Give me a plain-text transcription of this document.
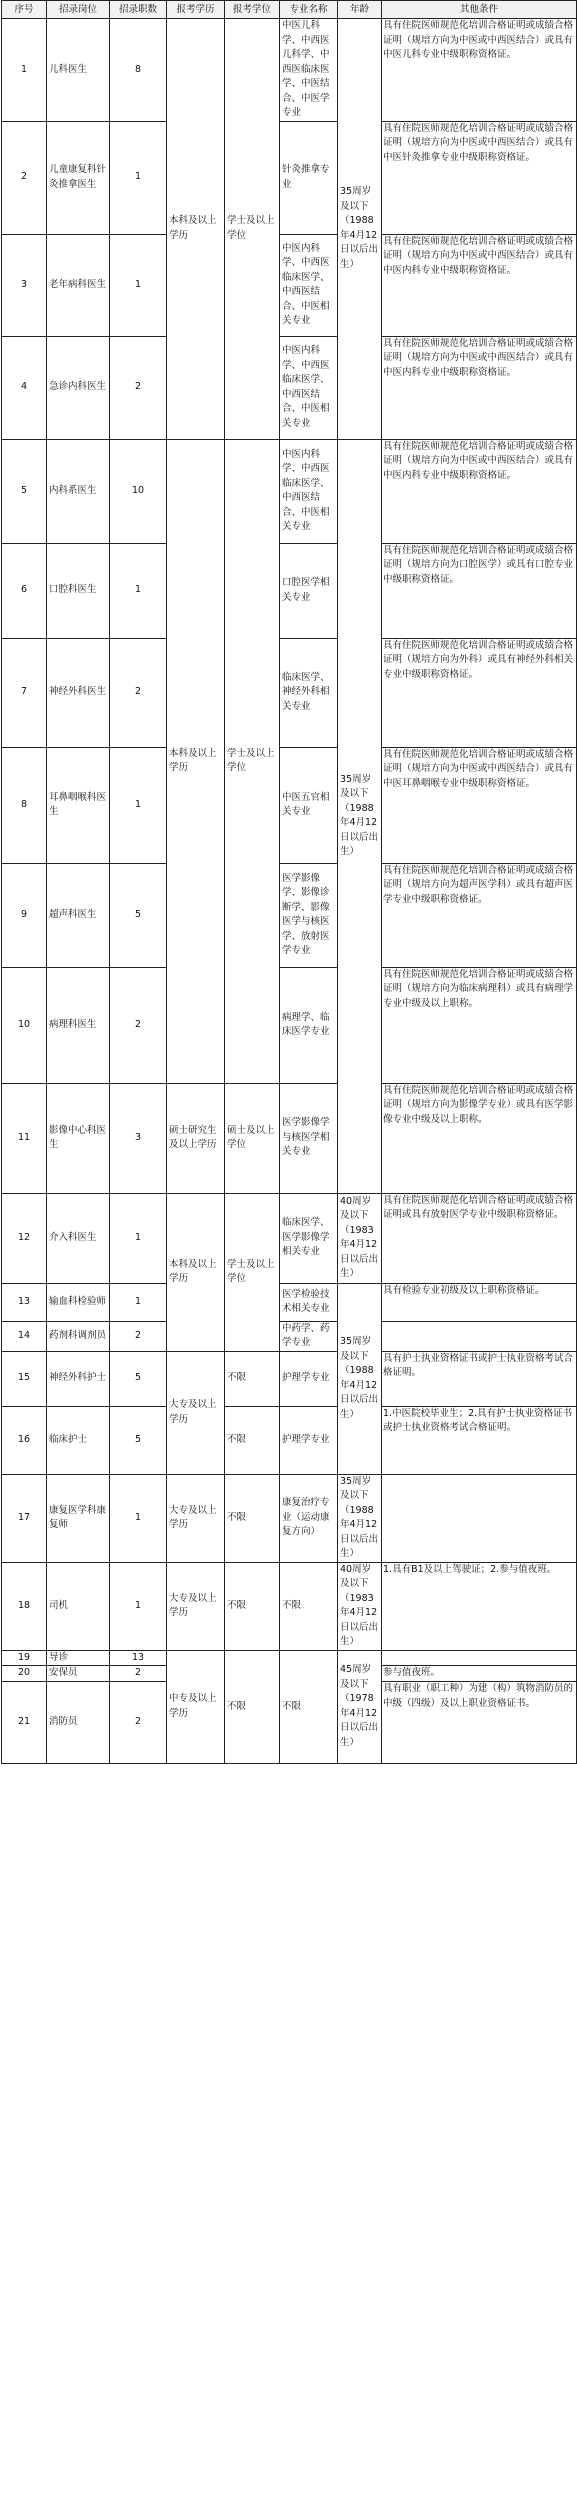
序号	招录岗位	招录职数	报考学历	报考学位	专业名称	年龄	其他条件
1	儿科医生	8	本科及以上学历	学士及以上学位	中医儿科学、中西医儿科学、中西医临床医学、中医结合、中医学专业	35周岁及以下（1988年4月12日以后出生）	具有住院医师规范化培训合格证明或成绩合格证明（规培方向为中医或中西医结合）或具有中医儿科专业中级职称资格证。
2	儿童康复科针灸推拿医生	1			针灸推拿专业		具有住院医师规范化培训合格证明或成绩合格证明（规培方向为中医或中西医结合）或具有中医针灸推拿专业中级职称资格证。
3	老年病科医生	1			中医内科学、中西医临床医学、中西医结合、中医相关专业		具有住院医师规范化培训合格证明或成绩合格证明（规培方向为中医或中西医结合）或具有中医内科专业中级职称资格证。
4	急诊内科医生	2			中医内科学、中西医临床医学、中西医结合、中医相关专业		具有住院医师规范化培训合格证明或成绩合格证明（规培方向为中医或中西医结合）或具有中医内科专业中级职称资格证。
5	内科系医生	10	本科及以上学历	学士及以上学位	中医内科学、中西医临床医学、中西医结合、中医相关专业	35周岁及以下（1988年4月12日以后出生）	具有住院医师规范化培训合格证明或成绩合格证明（规培方向为中医或中西医结合）或具有中医内科专业中级职称资格证。
6	口腔科医生	1			口腔医学相关专业		具有住院医师规范化培训合格证明或成绩合格证明（规培方向为口腔医学）或具有口腔专业中级职称资格证。
7	神经外科医生	2			临床医学、神经外科相关专业		具有住院医师规范化培训合格证明或成绩合格证明（规培方向为外科）或具有神经外科相关专业中级职称资格证。
8	耳鼻咽喉科医生	1			中医五官相关专业		具有住院医师规范化培训合格证明或成绩合格证明（规培方向为中医或中西医结合）或具有中医耳鼻咽喉专业中级职称资格证。
9	超声科医生	5			医学影像学、影像诊断学、影像医学与核医学、放射医学专业		具有住院医师规范化培训合格证明或成绩合格证明（规培方向为超声医学科）或具有超声医学专业中级职称资格证。
10	病理科医生	2			病理学、临床医学专业		具有住院医师规范化培训合格证明或成绩合格证明（规培方向为临床病理科）或具有病理学专业中级及以上职称。
11	影像中心科医生	3	硕士研究生及以上学历	硕士及以上学位	医学影像学与核医学相关专业		具有住院医师规范化培训合格证明或成绩合格证明（规培方向为影像学专业）或具有医学影像专业中级及以上职称。
12	介入科医生	1	本科及以上学历	学士及以上学位	临床医学、医学影像学相关专业	40周岁及以下（1983年4月12日以后出生）	具有住院医师规范化培训合格证明或成绩合格证明或具有放射医学专业中级职称资格证。
13	输血科检验师	1			医学检验技术相关专业	35周岁及以下（1988年4月12日以后出生）	具有检验专业初级及以上职称资格证。
14	药剂科调剂员	2			中药学、药学专业		
15	神经外科护士	5	大专及以上学历	不限	护理学专业		具有护士执业资格证书或护士执业资格考试合格证明。
16	临床护士	5		不限	护理学专业		1.中医院校毕业生；2.具有护士执业资格证书或护士执业资格考试合格证明。
17	康复医学科康复师	1	大专及以上学历	不限	康复治疗专业（运动康复方向）	35周岁及以下（1988年4月12日以后出生）	
18	司机	1	大专及以上学历	不限	不限	40周岁及以下（1983年4月12日以后出生）	1.具有B1及以上驾驶证；2.参与值夜班。
19	导诊	13	中专及以上学历	不限	不限	45周岁及以下（1978年4月12日以后出生）	
20	安保员	2					参与值夜班。
21	消防员	2					具有职业（职工种）为建（构）筑物消防员的中级（四级）及以上职业资格证书。
